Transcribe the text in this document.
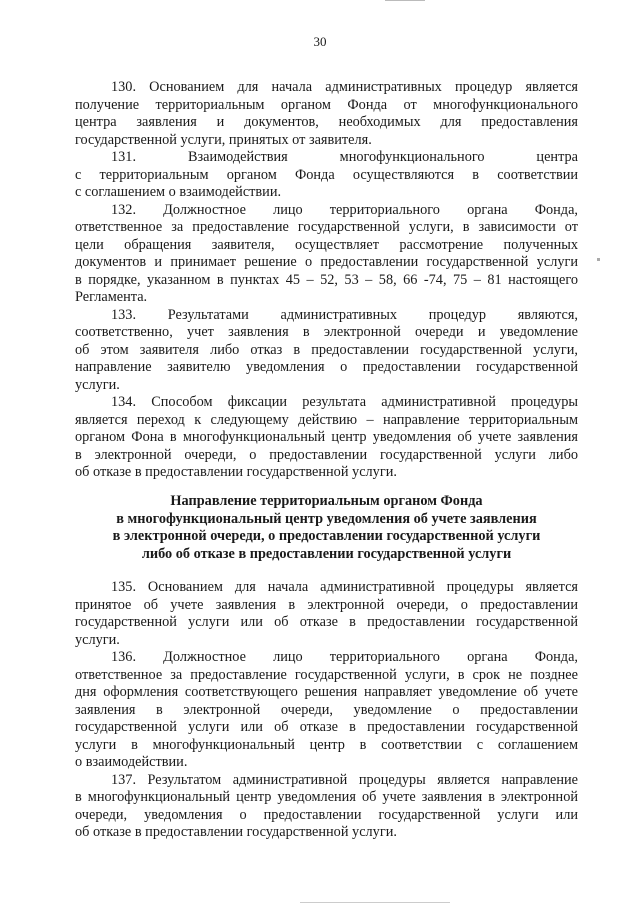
30
130. Основанием для начала административных процедур является
получение территориальным органом Фонда от многофункционального
центра заявления и документов, необходимых для предоставления
государственной услуги, принятых от заявителя.
131. Взаимодействия многофункционального центра
с территориальным органом Фонда осуществляются в соответствии
с соглашением о взаимодействии.
132. Должностное лицо территориального органа Фонда,
ответственное за предоставление государственной услуги, в зависимости от
цели обращения заявителя, осуществляет рассмотрение полученных
документов и принимает решение о предоставлении государственной услуги
в порядке, указанном в пунктах 45 – 52, 53 – 58, 66 -74, 75 – 81 настоящего
Регламента.
133. Результатами административных процедур являются,
соответственно, учет заявления в электронной очереди и уведомление
об этом заявителя либо отказ в предоставлении государственной услуги,
направление заявителю уведомления о предоставлении государственной
услуги.
134. Способом фиксации результата административной процедуры
является переход к следующему действию – направление территориальным
органом Фона в многофункциональный центр уведомления об учете заявления
в электронной очереди, о предоставлении государственной услуги либо
об отказе в предоставлении государственной услуги.
Направление территориальным органом Фонда
в многофункциональный центр уведомления об учете заявления
в электронной очереди, о предоставлении государственной услуги
либо об отказе в предоставлении государственной услуги
135. Основанием для начала административной процедуры является
принятое об учете заявления в электронной очереди, о предоставлении
государственной услуги или об отказе в предоставлении государственной
услуги.
136. Должностное лицо территориального органа Фонда,
ответственное за предоставление государственной услуги, в срок не позднее
дня оформления соответствующего решения направляет уведомление об учете
заявления в электронной очереди, уведомление о предоставлении
государственной услуги или об отказе в предоставлении государственной
услуги в многофункциональный центр в соответствии с соглашением
о взаимодействии.
137. Результатом административной процедуры является направление
в многофункциональный центр уведомления об учете заявления в электронной
очереди, уведомления о предоставлении государственной услуги или
об отказе в предоставлении государственной услуги.
